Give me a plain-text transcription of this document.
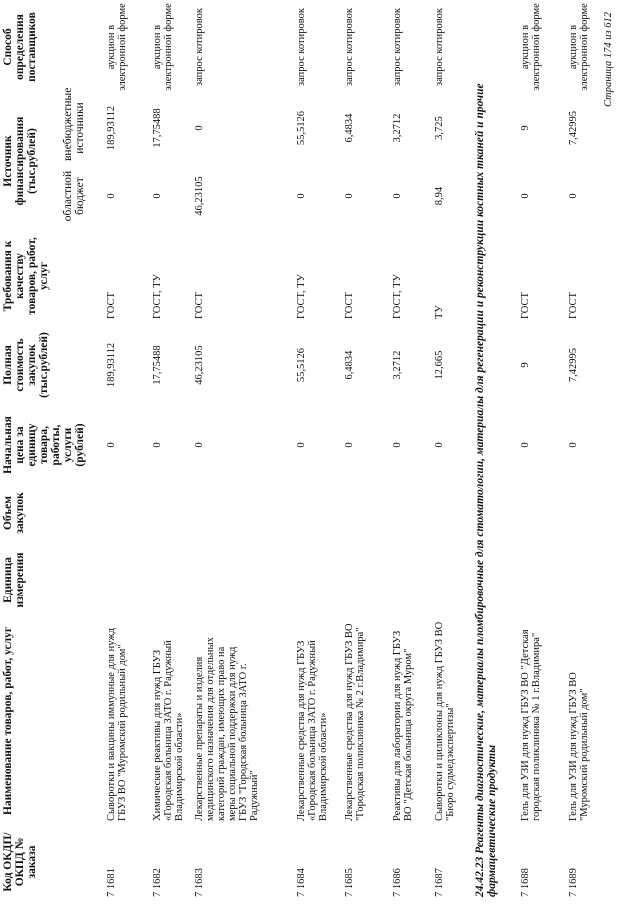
Код ОКДП/ ОКПД № заказа
Наименование товаров, работ, услуг
Единица измерения
Объем закупок
Начальная цена за единицу товара, работы, услуги (рублей)
Полная стоимость закупок (тыс.рублей)
Требования к качеству товаров, работ, услуг
Источник финансирования (тыс.рублей)
областной бюджет
внебюджетные источники
Способ определения поставщиков
7 1681
Сыворотки и вакцины иммунные для нужд ГБУЗ ВО "Муромский родильный дом"
0
189,93112
ГОСТ
0
189,93112
аукцион в электронной форме
7 1682
Химические реактивы для нужд ГБУЗ «Городская больница ЗАТО г. Радужный Владимирской области»
0
17,75488
ГОСТ, ТУ
0
17,75488
аукцион в электронной форме
7 1683
Лекарственные препараты и изделия медицинского назначения для отдельных категорий граждан, имеющих право на меры социальной поддержки для нужд ГБУЗ "Городская больница ЗАТО г. Радужный"
0
46,23105
ГОСТ
46,23105
0
запрос котировок
7 1684
Лекарственные средства для нужд ГБУЗ «Городская больница ЗАТО г. Радужный Владимирской области»
0
55,5126
ГОСТ, ТУ
0
55,5126
запрос котировок
7 1685
Лекарственные средства для нужд ГБУЗ ВО "Городская поликлиника № 2 г.Владимира"
0
6,4834
ГОСТ
0
6,4834
запрос котировок
7 1686
Реактивы для лаборатории для нужд ГБУЗ ВО "Детская больница округа Муром"
0
3,2712
ГОСТ, ТУ
0
3,2712
запрос котировок
7 1687
Сыворотки и циликлоны для нужд ГБУЗ ВО "Бюро судмедэкспертизы"
0
12,665
ТУ
8,94
3,725
запрос котировок
7 1688
Гель для УЗИ для нужд ГБУЗ ВО "Детская городская поликлиника № 1 г.Владимира"
0
9
ГОСТ
0
9
аукцион в электронной форме
7 1689
Гель для УЗИ для нужд ГБУЗ ВО "Муромский родильный дом"
0
7,42995
ГОСТ
0
7,42995
аукцион в электронной форме
24.42.23 Реагенты диагностические, материалы пломбировочные для стоматологии, материалы для регенерации и реконструкции костных тканей и прочие фармацевтические продукты
Страница 174 из 612
